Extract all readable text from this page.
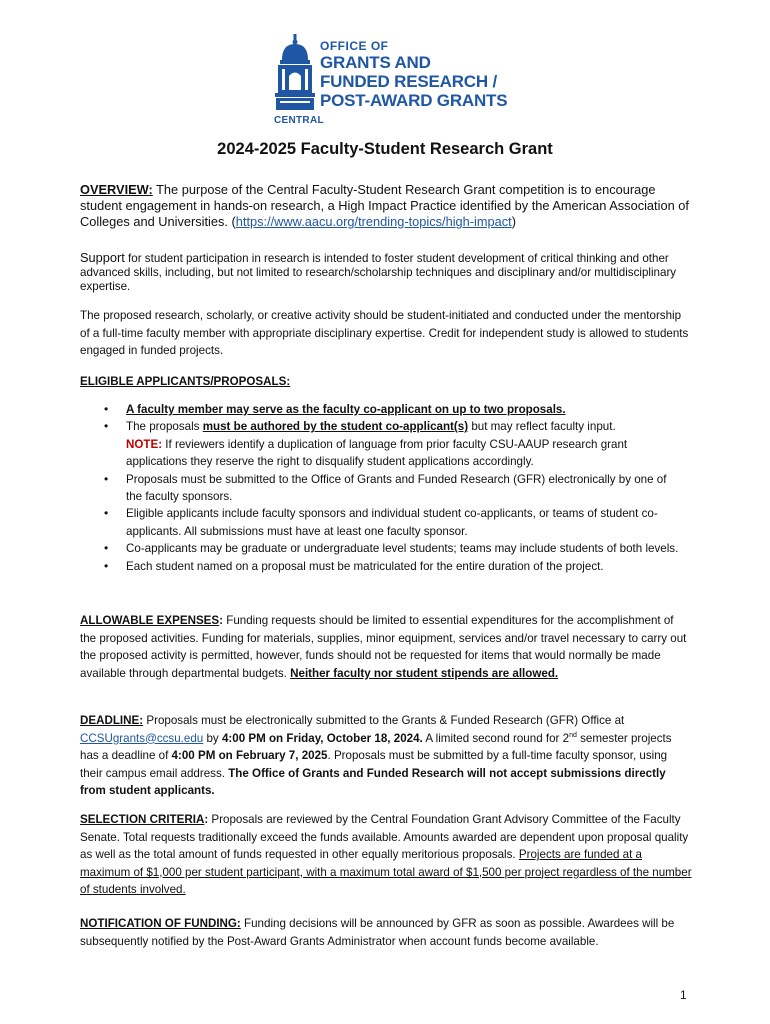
OFFICE OF
GRANTS AND
FUNDED RESEARCH /
POST-AWARD GRANTS
CENTRAL
2024-2025 Faculty-Student Research Grant

OVERVIEW: The purpose of the Central Faculty-Student Research Grant competition is to encourage student engagement in hands-on research, a High Impact Practice identified by the American Association of Colleges and Universities. (https://www.aacu.org/trending-topics/high-impact)

Support for student participation in research is intended to foster student development of critical thinking and other advanced skills, including, but not limited to research/scholarship techniques and disciplinary and/or multidisciplinary expertise.

The proposed research, scholarly, or creative activity should be student-initiated and conducted under the mentorship of a full-time faculty member with appropriate disciplinary expertise. Credit for independent study is allowed to students engaged in funded projects.

ELIGIBLE APPLICANTS/PROPOSALS:

• A faculty member may serve as the faculty co-applicant on up to two proposals.
• The proposals must be authored by the student co-applicant(s) but may reflect faculty input.
NOTE: If reviewers identify a duplication of language from prior faculty CSU-AAUP research grant applications they reserve the right to disqualify student applications accordingly.
• Proposals must be submitted to the Office of Grants and Funded Research (GFR) electronically by one of the faculty sponsors.
• Eligible applicants include faculty sponsors and individual student co-applicants, or teams of student co-applicants. All submissions must have at least one faculty sponsor.
• Co-applicants may be graduate or undergraduate level students; teams may include students of both levels.
• Each student named on a proposal must be matriculated for the entire duration of the project.

ALLOWABLE EXPENSES: Funding requests should be limited to essential expenditures for the accomplishment of the proposed activities. Funding for materials, supplies, minor equipment, services and/or travel necessary to carry out the proposed activity is permitted, however, funds should not be requested for items that would normally be made available through departmental budgets. Neither faculty nor student stipends are allowed.

DEADLINE: Proposals must be electronically submitted to the Grants & Funded Research (GFR) Office at CCSUgrants@ccsu.edu by 4:00 PM on Friday, October 18, 2024. A limited second round for 2nd semester projects has a deadline of 4:00 PM on February 7, 2025. Proposals must be submitted by a full-time faculty sponsor, using their campus email address. The Office of Grants and Funded Research will not accept submissions directly from student applicants.

SELECTION CRITERIA: Proposals are reviewed by the Central Foundation Grant Advisory Committee of the Faculty Senate. Total requests traditionally exceed the funds available. Amounts awarded are dependent upon proposal quality as well as the total amount of funds requested in other equally meritorious proposals. Projects are funded at a maximum of $1,000 per student participant, with a maximum total award of $1,500 per project regardless of the number of students involved.

NOTIFICATION OF FUNDING: Funding decisions will be announced by GFR as soon as possible. Awardees will be subsequently notified by the Post-Award Grants Administrator when account funds become available.

1
